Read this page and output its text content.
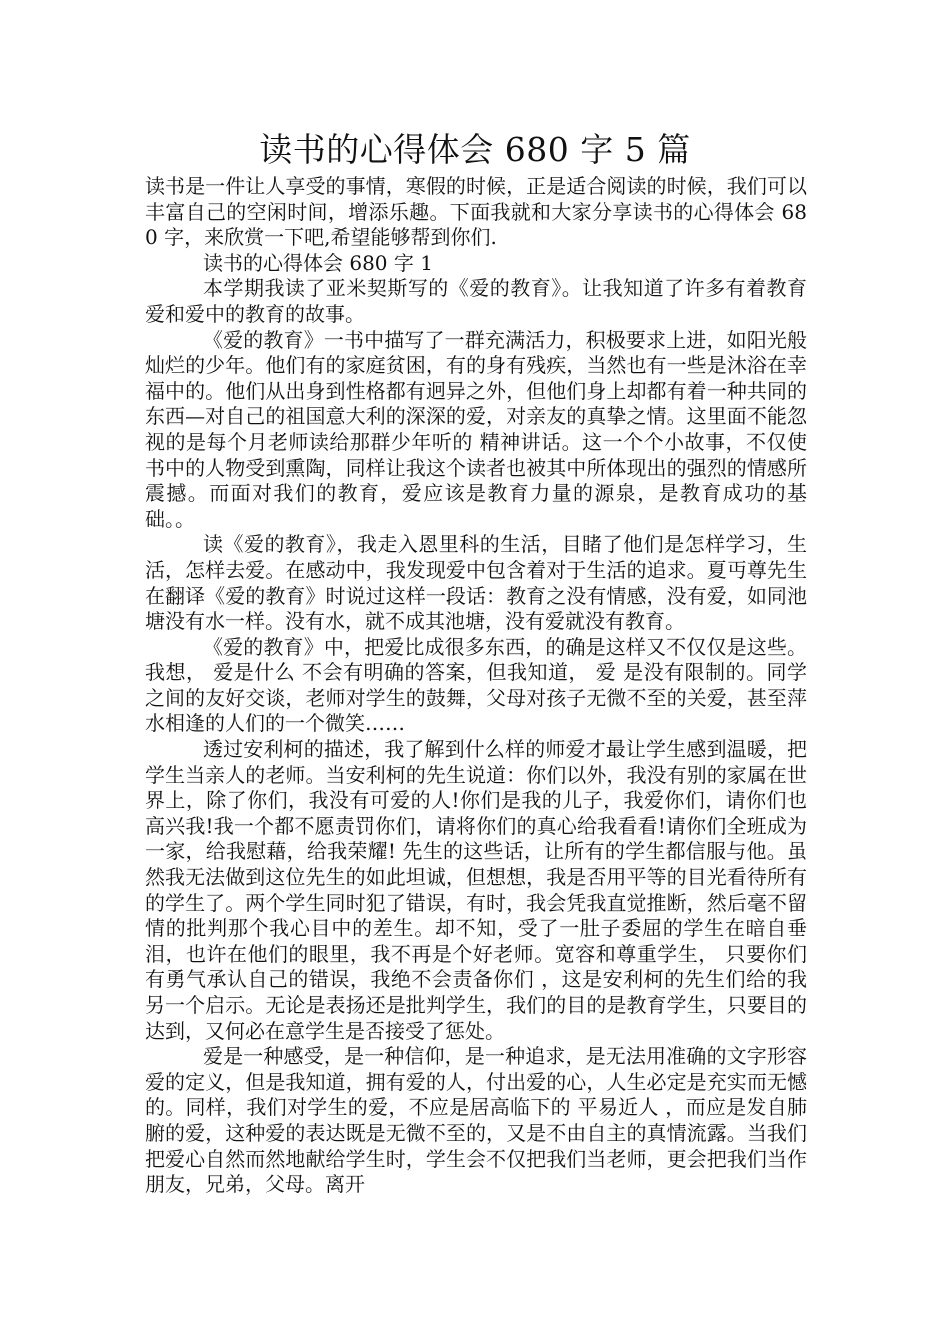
读书的心得体会 680 字 5 篇

读书是一件让人享受的事情，寒假的时候，正是适合阅读的时候，我们可以丰富自己的空闲时间，增添乐趣。下面我就和大家分享读书的心得体会 680 字，来欣赏一下吧,希望能够帮到你们.

读书的心得体会 680 字 1

本学期我读了亚米契斯写的《爱的教育》。让我知道了许多有着教育爱和爱中的教育的故事。

《爱的教育》一书中描写了一群充满活力，积极要求上进，如阳光般灿烂的少年。他们有的家庭贫困，有的身有残疾，当然也有一些是沐浴在幸福中的。他们从出身到性格都有迥异之外，但他们身上却都有着一种共同的东西—对自己的祖国意大利的深深的爱，对亲友的真挚之情。这里面不能忽视的是每个月老师读给那群少年听的 精神讲话。这一个个小故事，不仅使书中的人物受到熏陶，同样让我这个读者也被其中所体现出的强烈的情感所震撼。而面对我们的教育，爱应该是教育力量的源泉，是教育成功的基础。。

读《爱的教育》，我走入恩里科的生活，目睹了他们是怎样学习，生活，怎样去爱。在感动中，我发现爱中包含着对于生活的追求。夏丏尊先生在翻译《爱的教育》时说过这样一段话：教育之没有情感，没有爱，如同池塘没有水一样。没有水，就不成其池塘，没有爱就没有教育。

《爱的教育》中，把爱比成很多东西，的确是这样又不仅仅是这些。我想， 爱是什么 不会有明确的答案，但我知道， 爱 是没有限制的。同学之间的友好交谈，老师对学生的鼓舞，父母对孩子无微不至的关爱，甚至萍水相逢的人们的一个微笑……

透过安利柯的描述，我了解到什么样的师爱才最让学生感到温暖，把学生当亲人的老师。当安利柯的先生说道：你们以外，我没有别的家属在世界上，除了你们，我没有可爱的人!你们是我的儿子，我爱你们，请你们也高兴我!我一个都不愿责罚你们，请将你们的真心给我看看!请你们全班成为一家，给我慰藉，给我荣耀! 先生的这些话，让所有的学生都信服与他。虽然我无法做到这位先生的如此坦诚，但想想，我是否用平等的目光看待所有的学生了。两个学生同时犯了错误，有时，我会凭我直觉推断，然后毫不留情的批判那个我心目中的差生。却不知，受了一肚子委屈的学生在暗自垂泪，也许在他们的眼里，我不再是个好老师。宽容和尊重学生， 只要你们有勇气承认自己的错误，我绝不会责备你们 ，这是安利柯的先生们给的我另一个启示。无论是表扬还是批判学生，我们的目的是教育学生，只要目的达到，又何必在意学生是否接受了惩处。

爱是一种感受，是一种信仰，是一种追求，是无法用准确的文字形容爱的定义，但是我知道，拥有爱的人，付出爱的心，人生必定是充实而无憾的。同样，我们对学生的爱，不应是居高临下的 平易近人 ，而应是发自肺腑的爱，这种爱的表达既是无微不至的，又是不由自主的真情流露。当我们把爱心自然而然地献给学生时，学生会不仅把我们当老师，更会把我们当作朋友，兄弟，父母。离开
